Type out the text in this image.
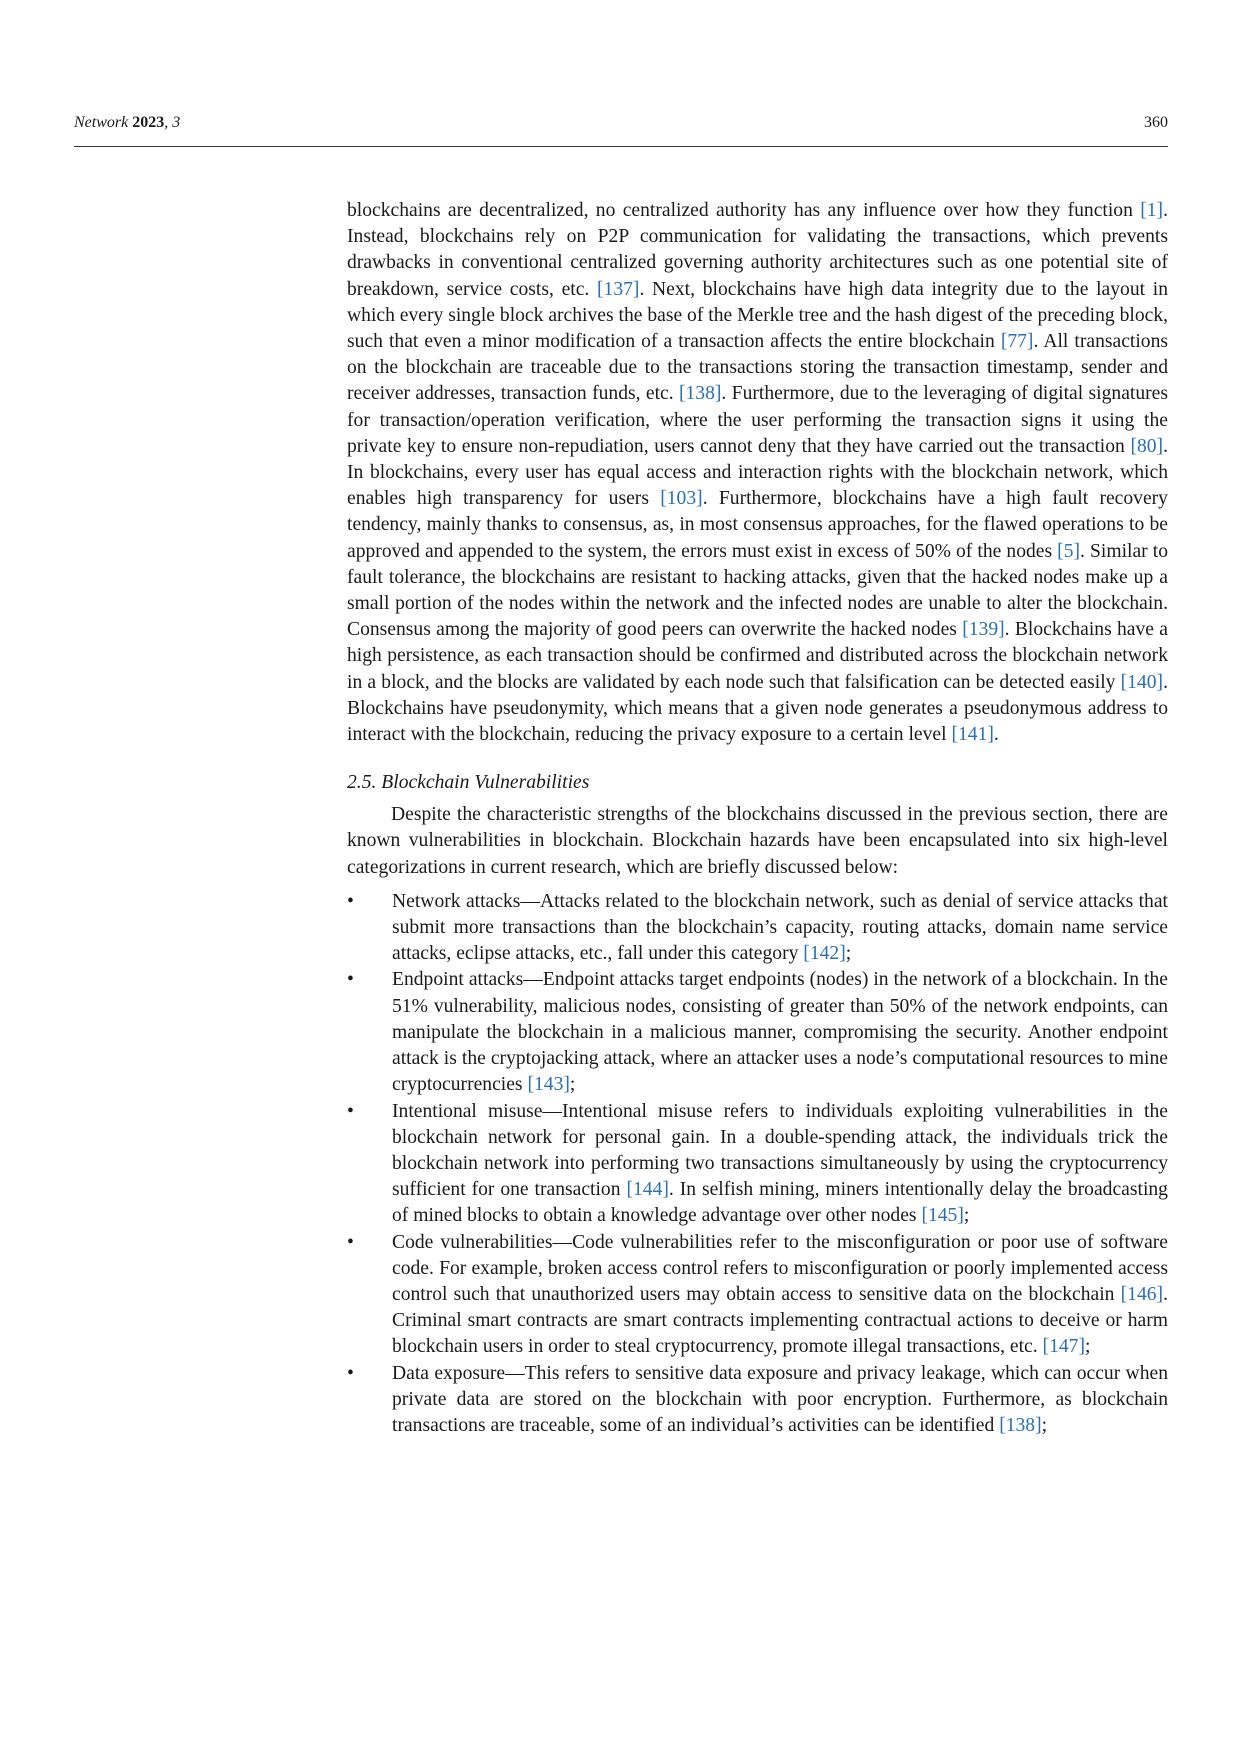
Network 2023, 3	360

blockchains are decentralized, no centralized authority has any influence over how they function [1]. Instead, blockchains rely on P2P communication for validating the transactions, which prevents drawbacks in conventional centralized governing authority architectures such as one potential site of breakdown, service costs, etc. [137]. Next, blockchains have high data integrity due to the layout in which every single block archives the base of the Merkle tree and the hash digest of the preceding block, such that even a minor modification of a transaction affects the entire blockchain [77]. All transactions on the blockchain are traceable due to the transactions storing the transaction timestamp, sender and receiver addresses, transaction funds, etc. [138]. Furthermore, due to the leveraging of digital signatures for transaction/operation verification, where the user performing the transaction signs it using the private key to ensure non-repudiation, users cannot deny that they have carried out the transaction [80]. In blockchains, every user has equal access and interaction rights with the blockchain network, which enables high transparency for users [103]. Furthermore, blockchains have a high fault recovery tendency, mainly thanks to consensus, as, in most consensus approaches, for the flawed operations to be approved and appended to the system, the errors must exist in excess of 50% of the nodes [5]. Similar to fault tolerance, the blockchains are resistant to hacking attacks, given that the hacked nodes make up a small portion of the nodes within the network and the infected nodes are unable to alter the blockchain. Consensus among the majority of good peers can overwrite the hacked nodes [139]. Blockchains have a high persistence, as each transaction should be confirmed and distributed across the blockchain network in a block, and the blocks are validated by each node such that falsification can be detected easily [140]. Blockchains have pseudonymity, which means that a given node generates a pseudonymous address to interact with the blockchain, reducing the privacy exposure to a certain level [141].

2.5. Blockchain Vulnerabilities

Despite the characteristic strengths of the blockchains discussed in the previous section, there are known vulnerabilities in blockchain. Blockchain hazards have been encapsulated into six high-level categorizations in current research, which are briefly discussed below:

• Network attacks—Attacks related to the blockchain network, such as denial of service attacks that submit more transactions than the blockchain’s capacity, routing attacks, domain name service attacks, eclipse attacks, etc., fall under this category [142];
• Endpoint attacks—Endpoint attacks target endpoints (nodes) in the network of a blockchain. In the 51% vulnerability, malicious nodes, consisting of greater than 50% of the network endpoints, can manipulate the blockchain in a malicious manner, compromising the security. Another endpoint attack is the cryptojacking attack, where an attacker uses a node’s computational resources to mine cryptocurrencies [143];
• Intentional misuse—Intentional misuse refers to individuals exploiting vulnerabilities in the blockchain network for personal gain. In a double-spending attack, the individuals trick the blockchain network into performing two transactions simultaneously by using the cryptocurrency sufficient for one transaction [144]. In selfish mining, miners intentionally delay the broadcasting of mined blocks to obtain a knowledge advantage over other nodes [145];
• Code vulnerabilities—Code vulnerabilities refer to the misconfiguration or poor use of software code. For example, broken access control refers to misconfiguration or poorly implemented access control such that unauthorized users may obtain access to sensitive data on the blockchain [146]. Criminal smart contracts are smart contracts implementing contractual actions to deceive or harm blockchain users in order to steal cryptocurrency, promote illegal transactions, etc. [147];
• Data exposure—This refers to sensitive data exposure and privacy leakage, which can occur when private data are stored on the blockchain with poor encryption. Furthermore, as blockchain transactions are traceable, some of an individual’s activities can be identified [138];
